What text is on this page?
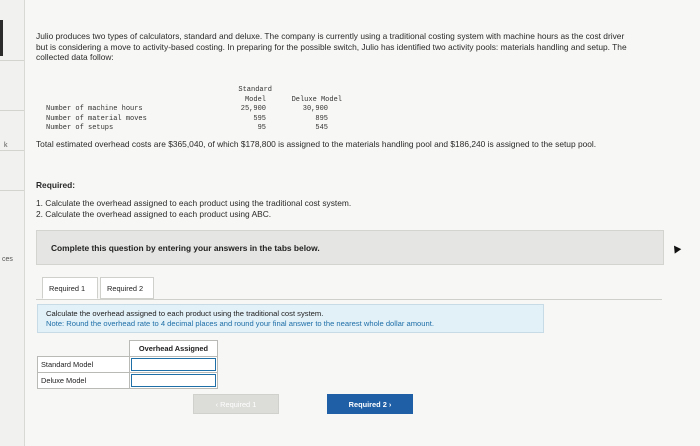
k
ces
Julio produces two types of calculators, standard and deluxe. The company is currently using a traditional costing system with machine hours as the cost driver but is considering a move to activity-based costing. In preparing for the possible switch, Julio has identified two activity pools: materials handling and setup. The collected data follow:
Standard
Model	Deluxe Model
Number of machine hours	25,900	30,900
Number of material moves	595	895
Number of setups	95	545
Total estimated overhead costs are $365,040, of which $178,800 is assigned to the materials handling pool and $186,240 is assigned to the setup pool.
Required:
1. Calculate the overhead assigned to each product using the traditional cost system.
2. Calculate the overhead assigned to each product using ABC.
Complete this question by entering your answers in the tabs below.
Required 1	Required 2
Calculate the overhead assigned to each product using the traditional cost system.
Note: Round the overhead rate to 4 decimal places and round your final answer to the nearest whole dollar amount.
	Overhead Assigned
Standard Model	
Deluxe Model	
‹ Required 1	Required 2 ›
